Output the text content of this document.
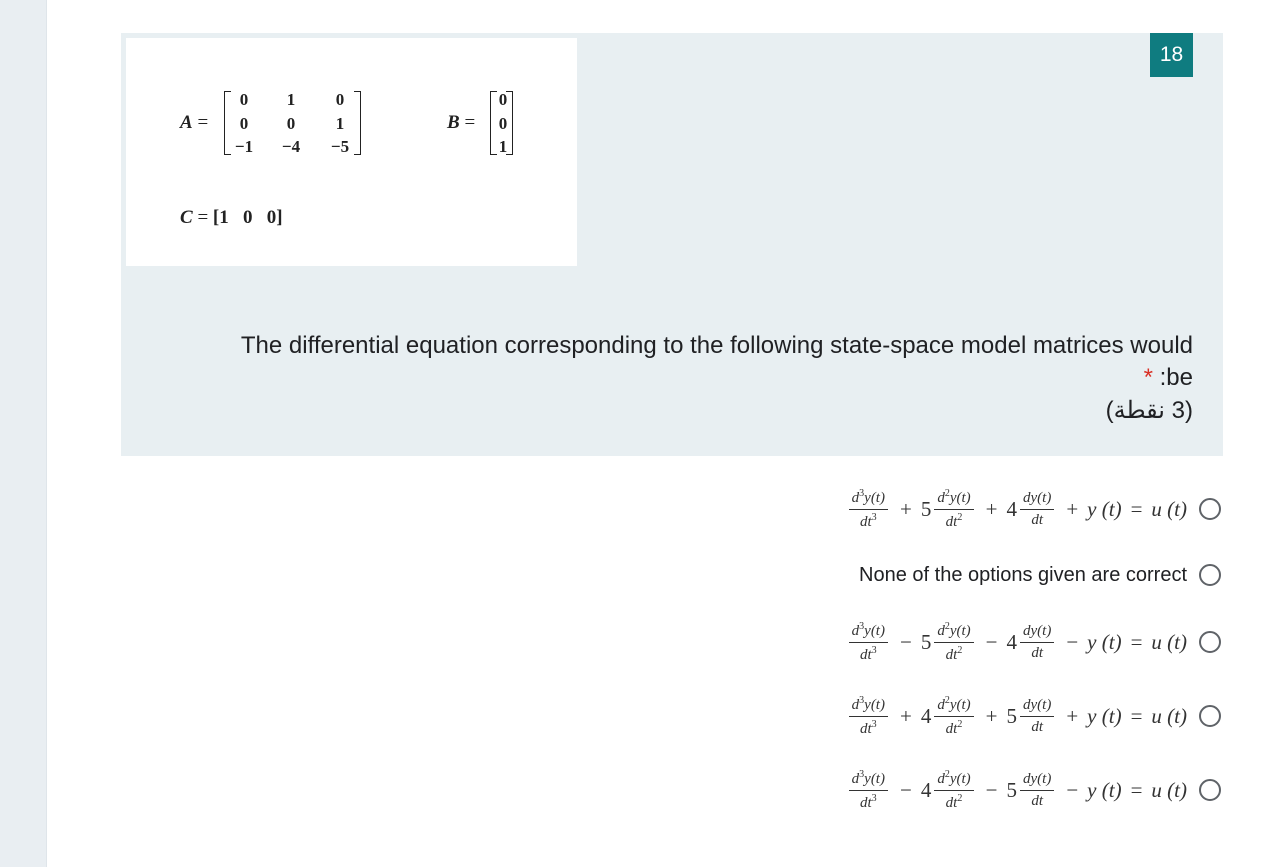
18
A =
0	1	0
0	0	1
−1	−4	−5
B =
0
0
1
C = [1   0   0]
The differential equation corresponding to the following state-space model matrices would
* :be
(3 نقطة)
$\frac{d^3y(t)}{dt^3} + 5 \frac{d^2y(t)}{dt^2} + 4 \frac{dy(t)}{dt} + y$ (t) = u (t)
None of the options given are correct
$\frac{d^3y(t)}{dt^3} - 5 \frac{d^2y(t)}{dt^2} - 4 \frac{dy(t)}{dt} - y$ (t) = u (t)
$\frac{d^3y(t)}{dt^3} + 4 \frac{d^2y(t)}{dt^2} + 5 \frac{dy(t)}{dt} + y$ (t) = u (t)
$\frac{d^3y(t)}{dt^3} - 4 \frac{d^2y(t)}{dt^2} - 5 \frac{dy(t)}{dt} - y$ (t) = u (t)
